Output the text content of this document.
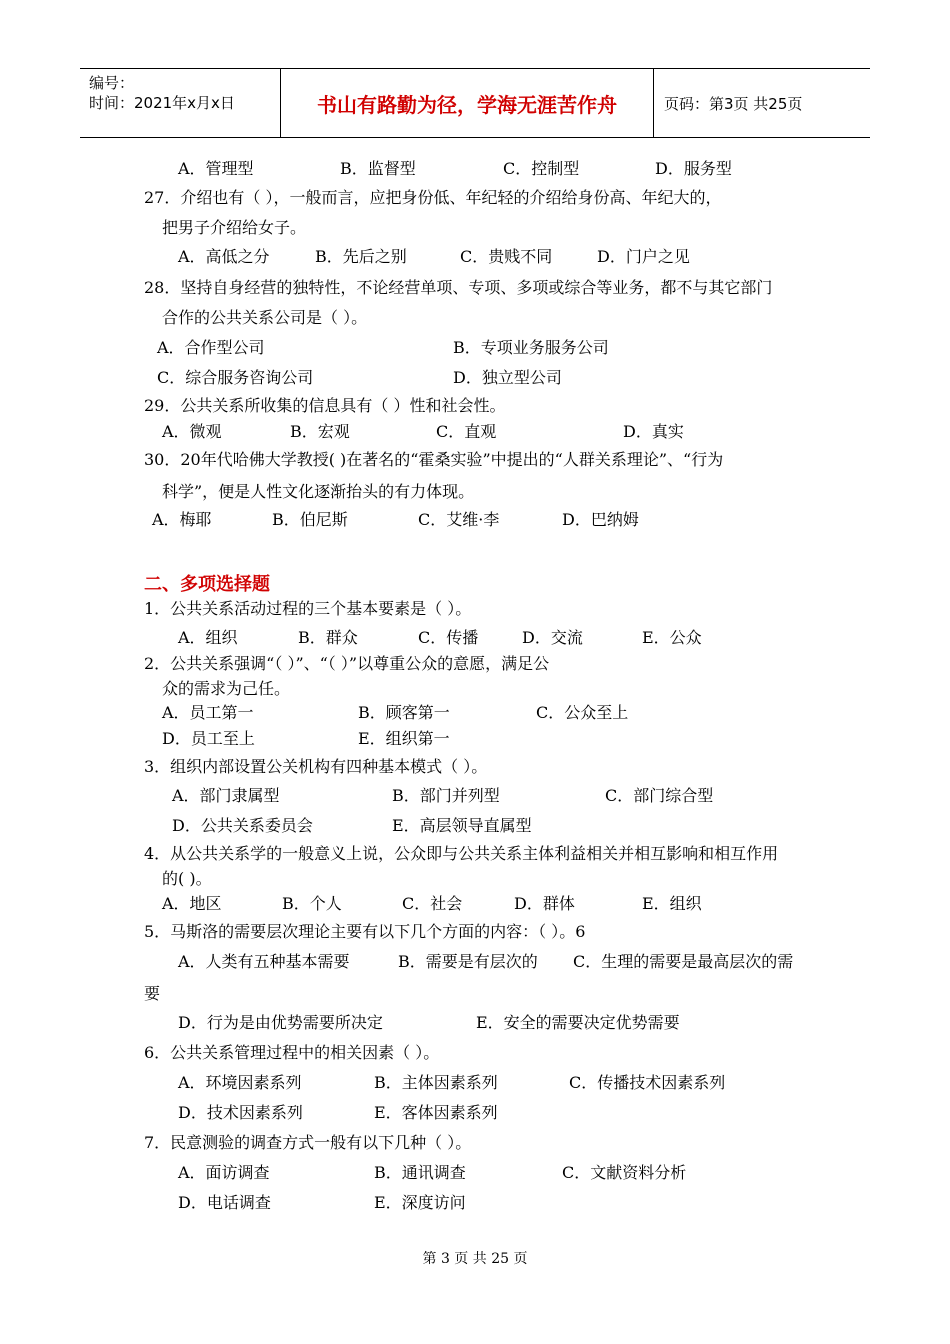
编号：
时间：2021年x月x日	书山有路勤为径，学海无涯苦作舟	页码：第3页 共25页
A．管理型	B．监督型	C．控制型	D．服务型
27．介绍也有（ ），一般而言，应把身份低、年纪轻的介绍给身份高、年纪大的，
把男子介绍给女子。
A．高低之分	B．先后之别	C．贵贱不同	D．门户之见
28．坚持自身经营的独特性，不论经营单项、专项、多项或综合等业务，都不与其它部门
合作的公共关系公司是（ ）。
A．合作型公司	B．专项业务服务公司
C．综合服务咨询公司	D．独立型公司
29．公共关系所收集的信息具有（ ）性和社会性。
A．微观	B．宏观	C．直观	D．真实
30．20年代哈佛大学教授( )在著名的“霍桑实验”中提出的“人群关系理论”、“行为
科学”，便是人性文化逐渐抬头的有力体现。
A．梅耶	B．伯尼斯	C．艾维·李	D．巴纳姆
二、多项选择题
1．公共关系活动过程的三个基本要素是（ ）。
A．组织	B．群众	C．传播	D．交流	E．公众
2．公共关系强调“（ ）”、“（ ）”以尊重公众的意愿，满足公
众的需求为己任。
A．员工第一	B．顾客第一	C．公众至上
D．员工至上	E．组织第一
3．组织内部设置公关机构有四种基本模式（ ）。
A．部门隶属型	B．部门并列型	C．部门综合型
D．公共关系委员会	E．高层领导直属型
4．从公共关系学的一般意义上说，公众即与公共关系主体利益相关并相互影响和相互作用
的( )。
A．地区	B．个人	C．社会	D．群体	E．组织
5．马斯洛的需要层次理论主要有以下几个方面的内容：（ ）。6
A．人类有五种基本需要	B．需要是有层次的 C．生理的需要是最高层次的需
要
D．行为是由优势需要所决定	E．安全的需要决定优势需要
6．公共关系管理过程中的相关因素（ ）。
A．环境因素系列	B．主体因素系列	C．传播技术因素系列
D．技术因素系列	E．客体因素系列
7．民意测验的调查方式一般有以下几种（ ）。
A．面访调查	B．通讯调查	C．文献资料分析
D．电话调查	E．深度访问
第 3 页 共 25 页
